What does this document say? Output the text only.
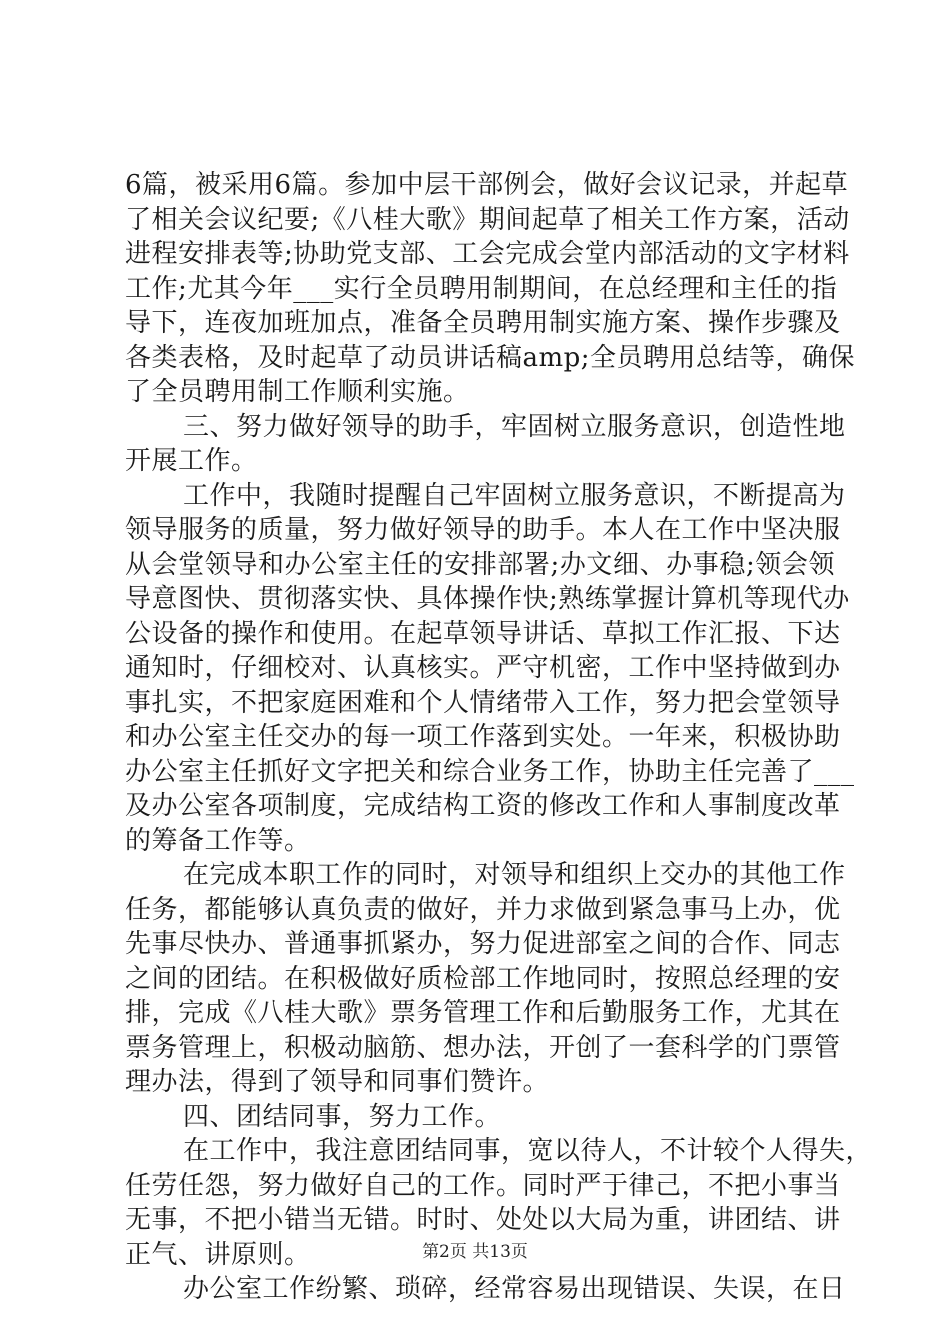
6篇，被采用6篇。参加中层干部例会，做好会议记录，并起草
了相关会议纪要;《八桂大歌》期间起草了相关工作方案，活动
进程安排表等;协助党支部、工会完成会堂内部活动的文字材料
工作;尤其今年___实行全员聘用制期间，在总经理和主任的指
导下，连夜加班加点，准备全员聘用制实施方案、操作步骤及
各类表格，及时起草了动员讲话稿amp;全员聘用总结等，确保
了全员聘用制工作顺利实施。
三、努力做好领导的助手，牢固树立服务意识，创造性地
开展工作。
工作中，我随时提醒自己牢固树立服务意识，不断提高为
领导服务的质量，努力做好领导的助手。本人在工作中坚决服
从会堂领导和办公室主任的安排部署;办文细、办事稳;领会领
导意图快、贯彻落实快、具体操作快;熟练掌握计算机等现代办
公设备的操作和使用。在起草领导讲话、草拟工作汇报、下达
通知时，仔细校对、认真核实。严守机密，工作中坚持做到办
事扎实，不把家庭困难和个人情绪带入工作，努力把会堂领导
和办公室主任交办的每一项工作落到实处。一年来，积极协助
办公室主任抓好文字把关和综合业务工作，协助主任完善了___
及办公室各项制度，完成结构工资的修改工作和人事制度改革
的筹备工作等。
在完成本职工作的同时，对领导和组织上交办的其他工作
任务，都能够认真负责的做好，并力求做到紧急事马上办，优
先事尽快办、普通事抓紧办，努力促进部室之间的合作、同志
之间的团结。在积极做好质检部工作地同时，按照总经理的安
排，完成《八桂大歌》票务管理工作和后勤服务工作，尤其在
票务管理上，积极动脑筋、想办法，开创了一套科学的门票管
理办法，得到了领导和同事们赞许。
四、团结同事，努力工作。
在工作中，我注意团结同事，宽以待人，不计较个人得失，
任劳任怨，努力做好自己的工作。同时严于律己，不把小事当
无事，不把小错当无错。时时、处处以大局为重，讲团结、讲
正气、讲原则。
办公室工作纷繁、琐碎，经常容易出现错误、失误，在日
第2页 共13页
